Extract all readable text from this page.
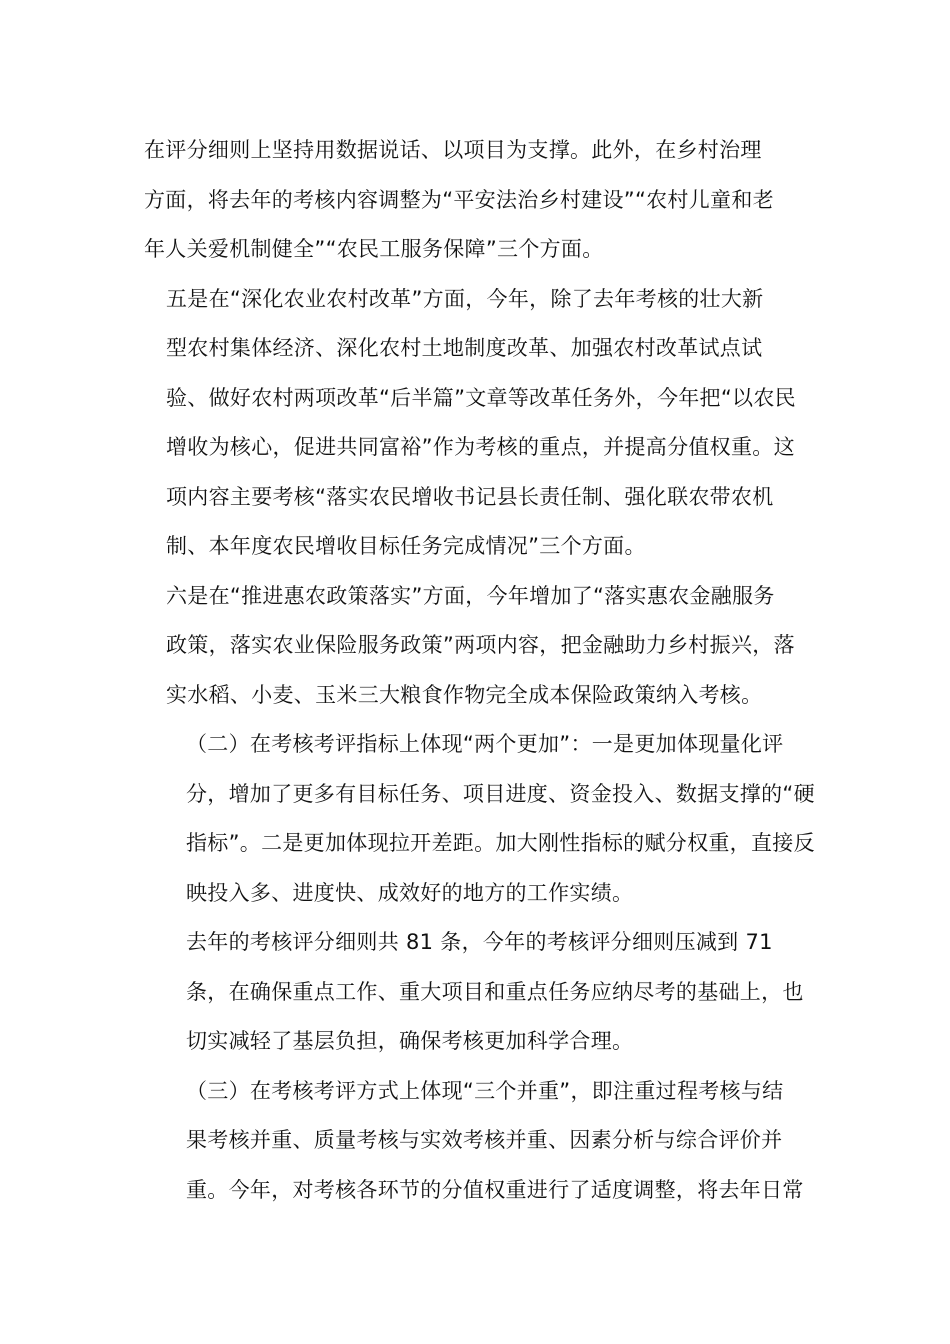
在评分细则上坚持用数据说话、以项目为支撑。此外，在乡村治理
方面，将去年的考核内容调整为“平安法治乡村建设”“农村儿童和老
年人关爱机制健全”“农民工服务保障”三个方面。
五是在“深化农业农村改革”方面，今年，除了去年考核的壮大新
型农村集体经济、深化农村土地制度改革、加强农村改革试点试
验、做好农村两项改革“后半篇”文章等改革任务外，今年把“以农民
增收为核心，促进共同富裕”作为考核的重点，并提高分值权重。这
项内容主要考核“落实农民增收书记县长责任制、强化联农带农机
制、本年度农民增收目标任务完成情况”三个方面。
六是在“推进惠农政策落实”方面，今年增加了“落实惠农金融服务
政策，落实农业保险服务政策”两项内容，把金融助力乡村振兴，落
实水稻、小麦、玉米三大粮食作物完全成本保险政策纳入考核。
（二）在考核考评指标上体现“两个更加”：一是更加体现量化评
分，增加了更多有目标任务、项目进度、资金投入、数据支撑的“硬
指标”。二是更加体现拉开差距。加大刚性指标的赋分权重，直接反
映投入多、进度快、成效好的地方的工作实绩。
去年的考核评分细则共 81 条，今年的考核评分细则压减到 71
条，在确保重点工作、重大项目和重点任务应纳尽考的基础上，也
切实减轻了基层负担，确保考核更加科学合理。
（三）在考核考评方式上体现“三个并重”，即注重过程考核与结
果考核并重、质量考核与实效考核并重、因素分析与综合评价并
重。今年，对考核各环节的分值权重进行了适度调整，将去年日常
